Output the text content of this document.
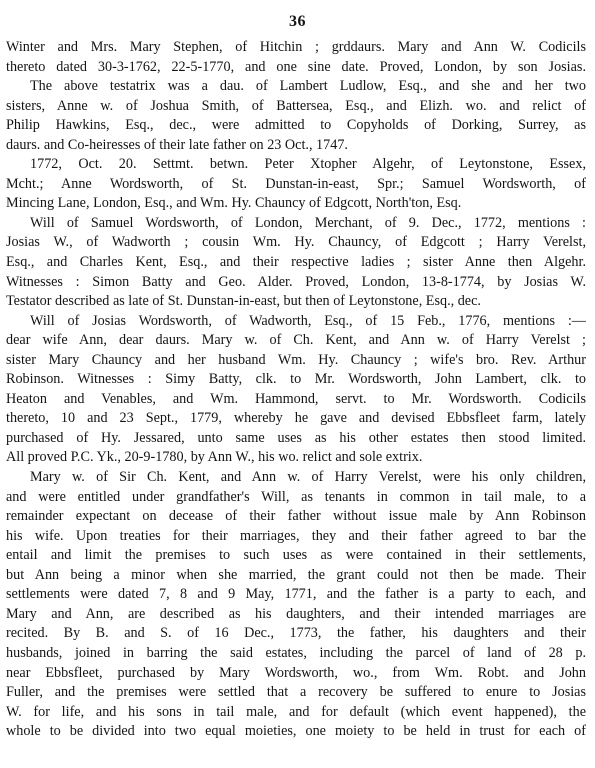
36
Winter and Mrs. Mary Stephen, of Hitchin ; grddaurs. Mary and Ann W. Codicils
thereto dated 30-3-1762, 22-5-1770, and one sine date. Proved, London, by son Josias.
The above testatrix was a dau. of Lambert Ludlow, Esq., and she and her two
sisters, Anne w. of Joshua Smith, of Battersea, Esq., and Elizh. wo. and relict of
Philip Hawkins, Esq., dec., were admitted to Copyholds of Dorking, Surrey, as
daurs. and Co-heiresses of their late father on 23 Oct., 1747.
1772, Oct. 20. Settmt. betwn. Peter Xtopher Algehr, of Leytonstone, Essex,
Mcht.; Anne Wordsworth, of St. Dunstan-in-east, Spr.; Samuel Wordsworth, of
Mincing Lane, London, Esq., and Wm. Hy. Chauncy of Edgcott, North'ton, Esq.
Will of Samuel Wordsworth, of London, Merchant, of 9. Dec., 1772, mentions :
Josias W., of Wadworth ; cousin Wm. Hy. Chauncy, of Edgcott ; Harry Verelst,
Esq., and Charles Kent, Esq., and their respective ladies ; sister Anne then Algehr.
Witnesses : Simon Batty and Geo. Alder. Proved, London, 13-8-1774, by Josias W.
Testator described as late of St. Dunstan-in-east, but then of Leytonstone, Esq., dec.
Will of Josias Wordsworth, of Wadworth, Esq., of 15 Feb., 1776, mentions :—
dear wife Ann, dear daurs. Mary w. of Ch. Kent, and Ann w. of Harry Verelst ;
sister Mary Chauncy and her husband Wm. Hy. Chauncy ; wife's bro. Rev. Arthur
Robinson. Witnesses : Simy Batty, clk. to Mr. Wordsworth, John Lambert, clk. to
Heaton and Venables, and Wm. Hammond, servt. to Mr. Wordsworth. Codicils
thereto, 10 and 23 Sept., 1779, whereby he gave and devised Ebbsfleet farm, lately
purchased of Hy. Jessared, unto same uses as his other estates then stood limited.
All proved P.C. Yk., 20-9-1780, by Ann W., his wo. relict and sole extrix.
Mary w. of Sir Ch. Kent, and Ann w. of Harry Verelst, were his only children,
and were entitled under grandfather's Will, as tenants in common in tail male, to a
remainder expectant on decease of their father without issue male by Ann Robinson
his wife. Upon treaties for their marriages, they and their father agreed to bar the
entail and limit the premises to such uses as were contained in their settlements,
but Ann being a minor when she married, the grant could not then be made. Their
settlements were dated 7, 8 and 9 May, 1771, and the father is a party to each, and
Mary and Ann, are described as his daughters, and their intended marriages are
recited. By B. and S. of 16 Dec., 1773, the father, his daughters and their
husbands, joined in barring the said estates, including the parcel of land of 28 p.
near Ebbsfleet, purchased by Mary Wordsworth, wo., from Wm. Robt. and John
Fuller, and the premises were settled that a recovery be suffered to enure to Josias
W. for life, and his sons in tail male, and for default (which event happened), the
whole to be divided into two equal moieties, one moiety to be held in trust for each of
